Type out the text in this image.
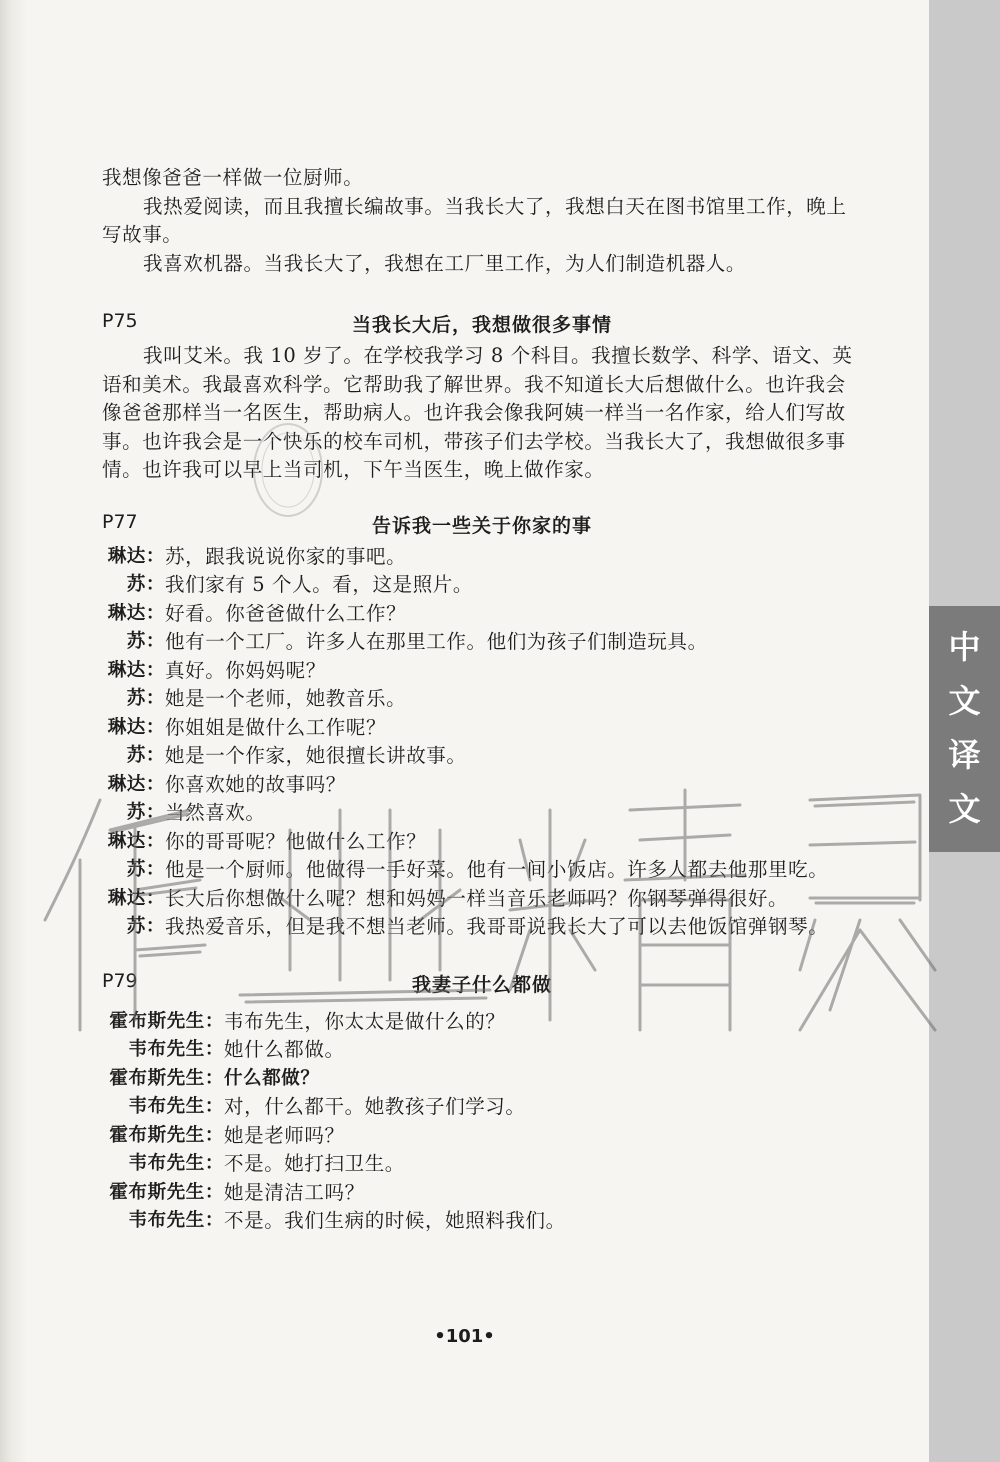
中
文
译
文

我想像爸爸一样做一位厨师。

我热爱阅读，而且我擅长编故事。当我长大了，我想白天在图书馆里工作，晚上写故事。

我喜欢机器。当我长大了，我想在工厂里工作，为人们制造机器人。

P75	当我长大后，我想做很多事情

我叫艾米。我 10 岁了。在学校我学习 8 个科目。我擅长数学、科学、语文、英语和美术。我最喜欢科学。它帮助我了解世界。我不知道长大后想做什么。也许我会像爸爸那样当一名医生，帮助病人。也许我会像我阿姨一样当一名作家，给人们写故事。也许我会是一个快乐的校车司机，带孩子们去学校。当我长大了，我想做很多事情。也许我可以早上当司机，下午当医生，晚上做作家。

P77	告诉我一些关于你家的事
琳达： 苏，跟我说说你家的事吧。
苏： 我们家有 5 个人。看，这是照片。
琳达： 好看。你爸爸做什么工作？
苏： 他有一个工厂。许多人在那里工作。他们为孩子们制造玩具。
琳达： 真好。你妈妈呢？
苏： 她是一个老师，她教音乐。
琳达： 你姐姐是做什么工作呢？
苏： 她是一个作家，她很擅长讲故事。
琳达： 你喜欢她的故事吗？
苏： 当然喜欢。
琳达： 你的哥哥呢？他做什么工作？
苏： 他是一个厨师。他做得一手好菜。他有一间小饭店。许多人都去他那里吃。
琳达： 长大后你想做什么呢？想和妈妈一样当音乐老师吗？你钢琴弹得很好。
苏： 我热爱音乐，但是我不想当老师。我哥哥说我长大了可以去他饭馆弹钢琴。
P79	我妻子什么都做
霍布斯先生： 韦布先生，你太太是做什么的？
韦布先生： 她什么都做。
霍布斯先生： 什么都做？
韦布先生： 对，什么都干。她教孩子们学习。
霍布斯先生： 她是老师吗？
韦布先生： 不是。她打扫卫生。
霍布斯先生： 她是清洁工吗？
韦布先生： 不是。我们生病的时候，她照料我们。
•101•
